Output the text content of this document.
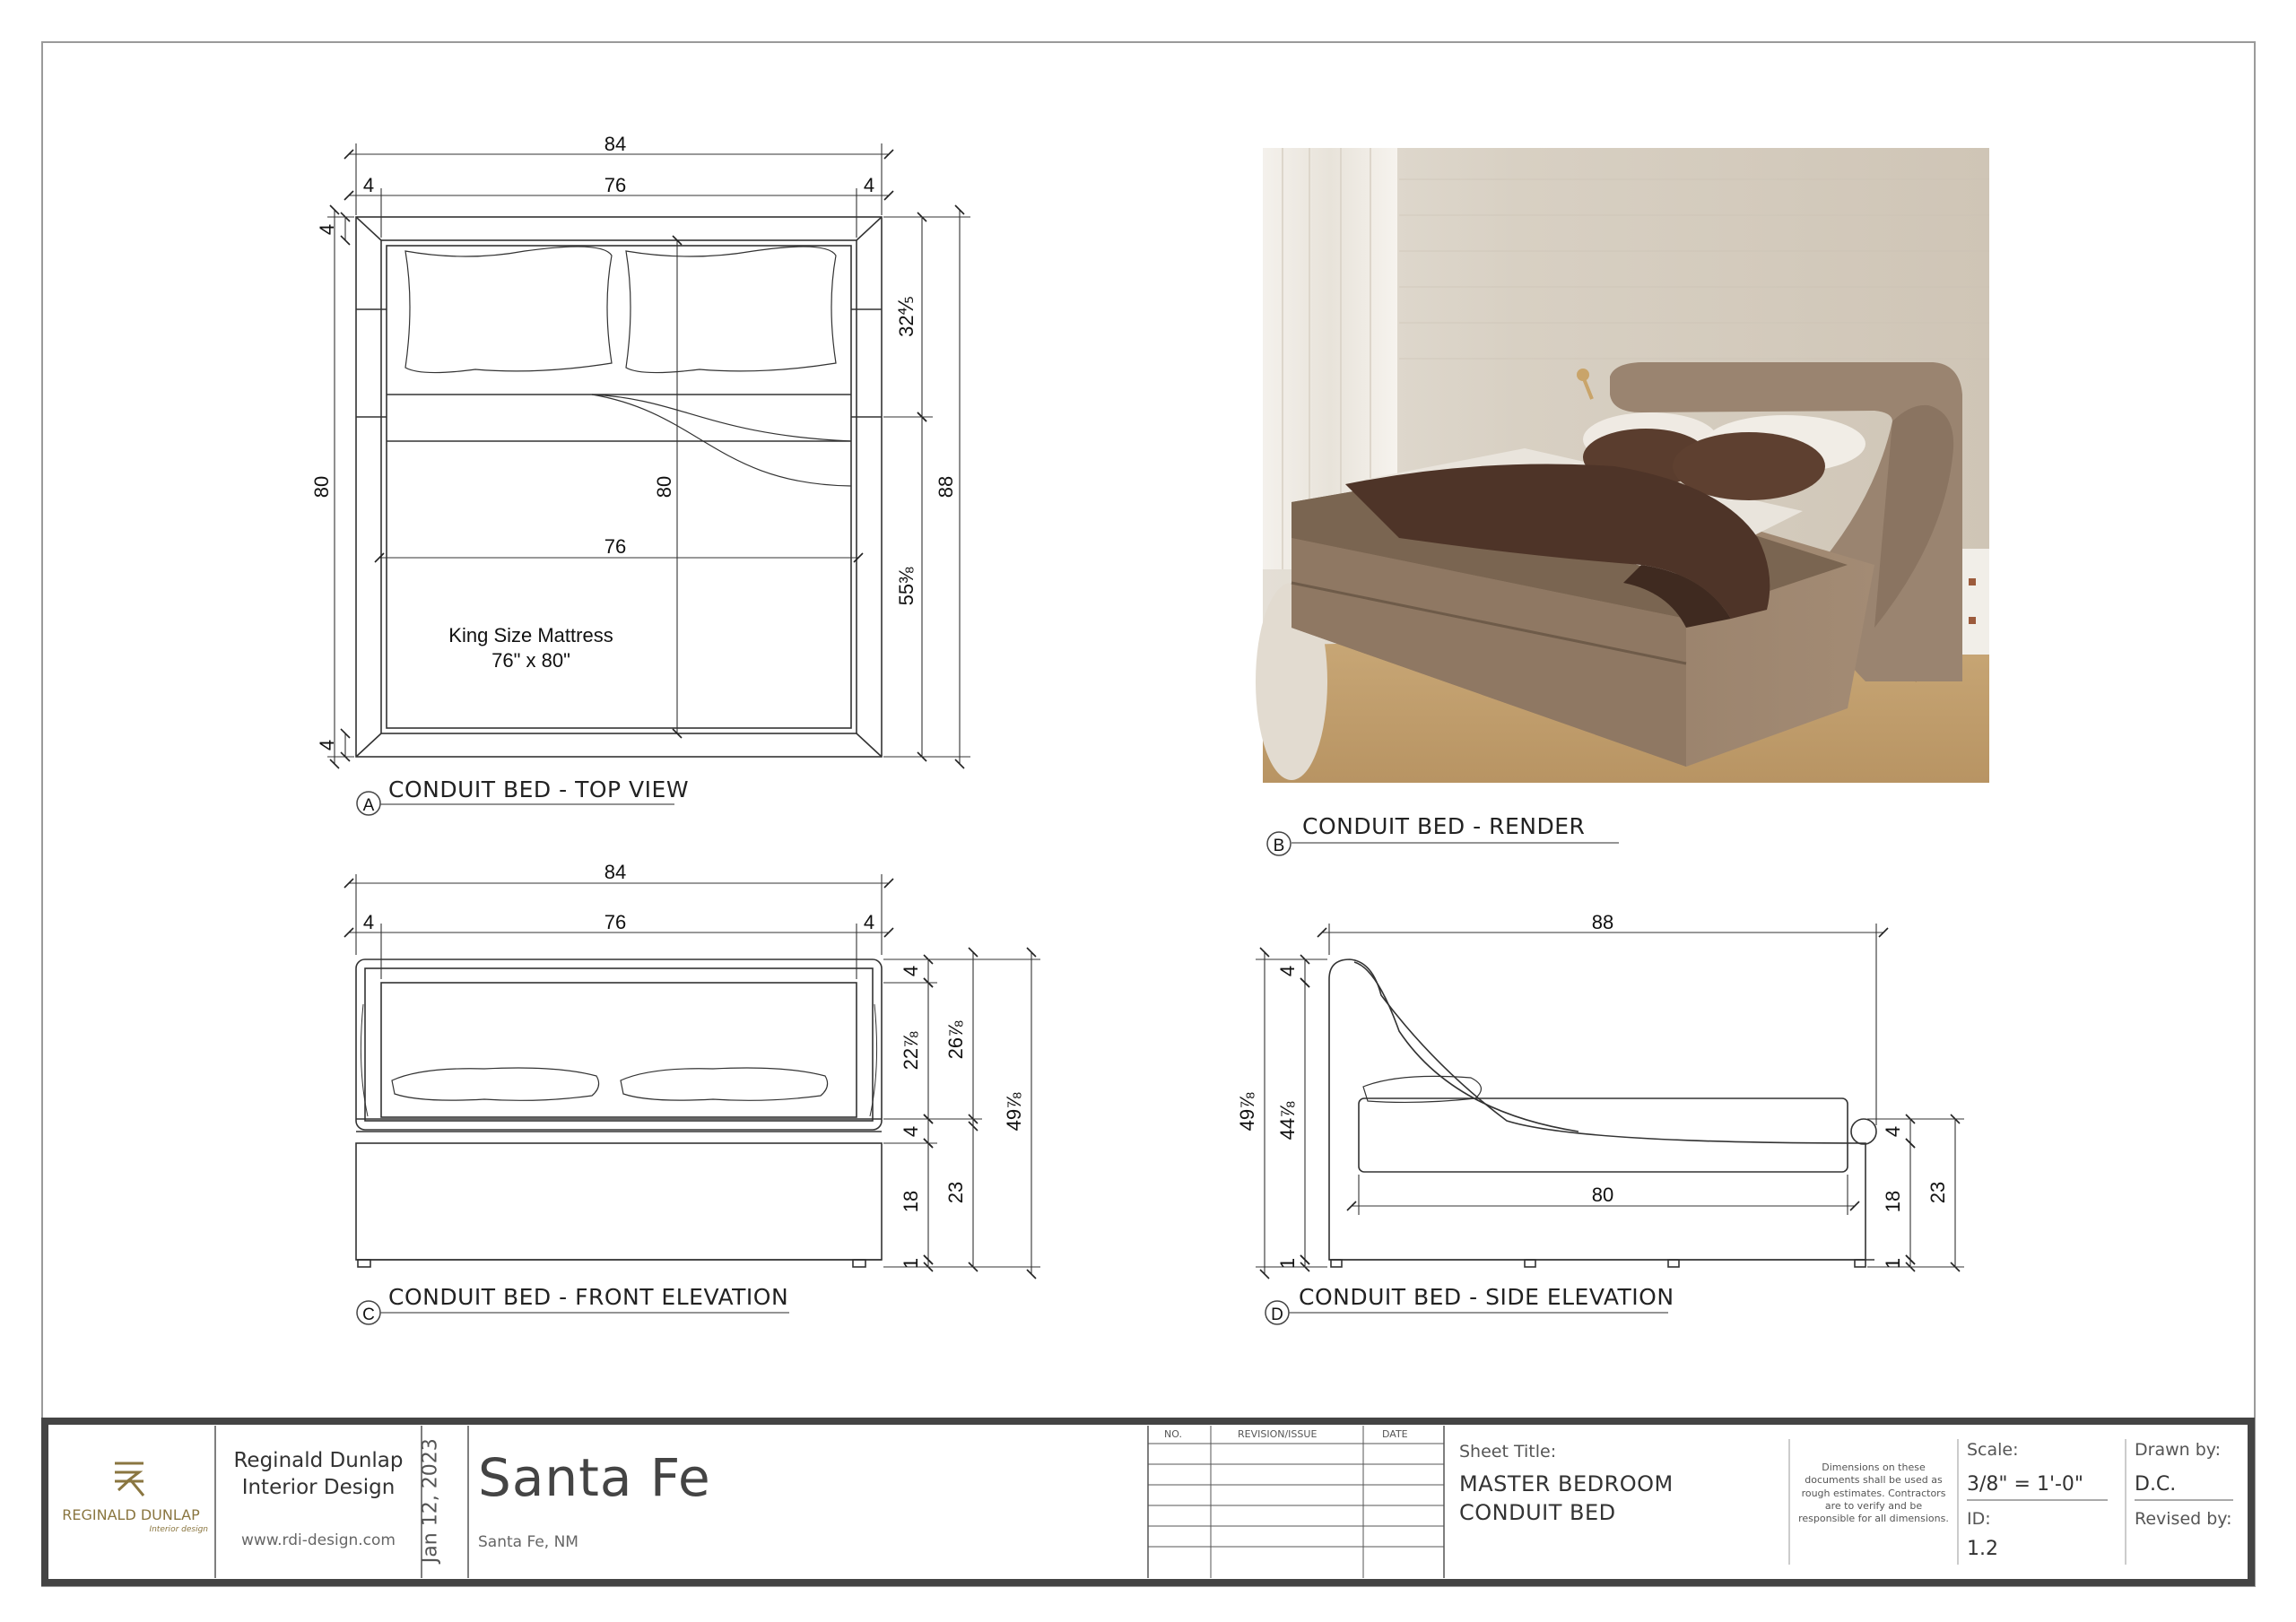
84
4	76	4
4
80
4
80
76
32⅘
55⅜
88
King Size Mattress
76" x 80"
A
CONDUIT BED - TOP VIEW
B
CONDUIT BED - RENDER
84
4	76	4
4
22⅞ 26⅞
49⅞
4
18 23
1
C
CONDUIT BED - FRONT ELEVATION
88
80
49⅞
4
44⅞
1
4
18 23
1
D
CONDUIT BED - SIDE ELEVATION
REGINALD DUNLAP
Interior design
Reginald Dunlap
Interior Design
www.rdi-design.com	Jan 12, 2023 Santa Fe
Santa Fe, NM
NO.	REVISION/ISSUE	DATE
Sheet Title:
MASTER BEDROOM
CONDUIT BED
Dimensions on these
documents shall be used as
rough estimates. Contractors
are to verify and be
responsible for all dimensions.
Scale:
3/8" = 1'-0"
ID:
1.2
Drawn by:
D.C.
Revised by:
